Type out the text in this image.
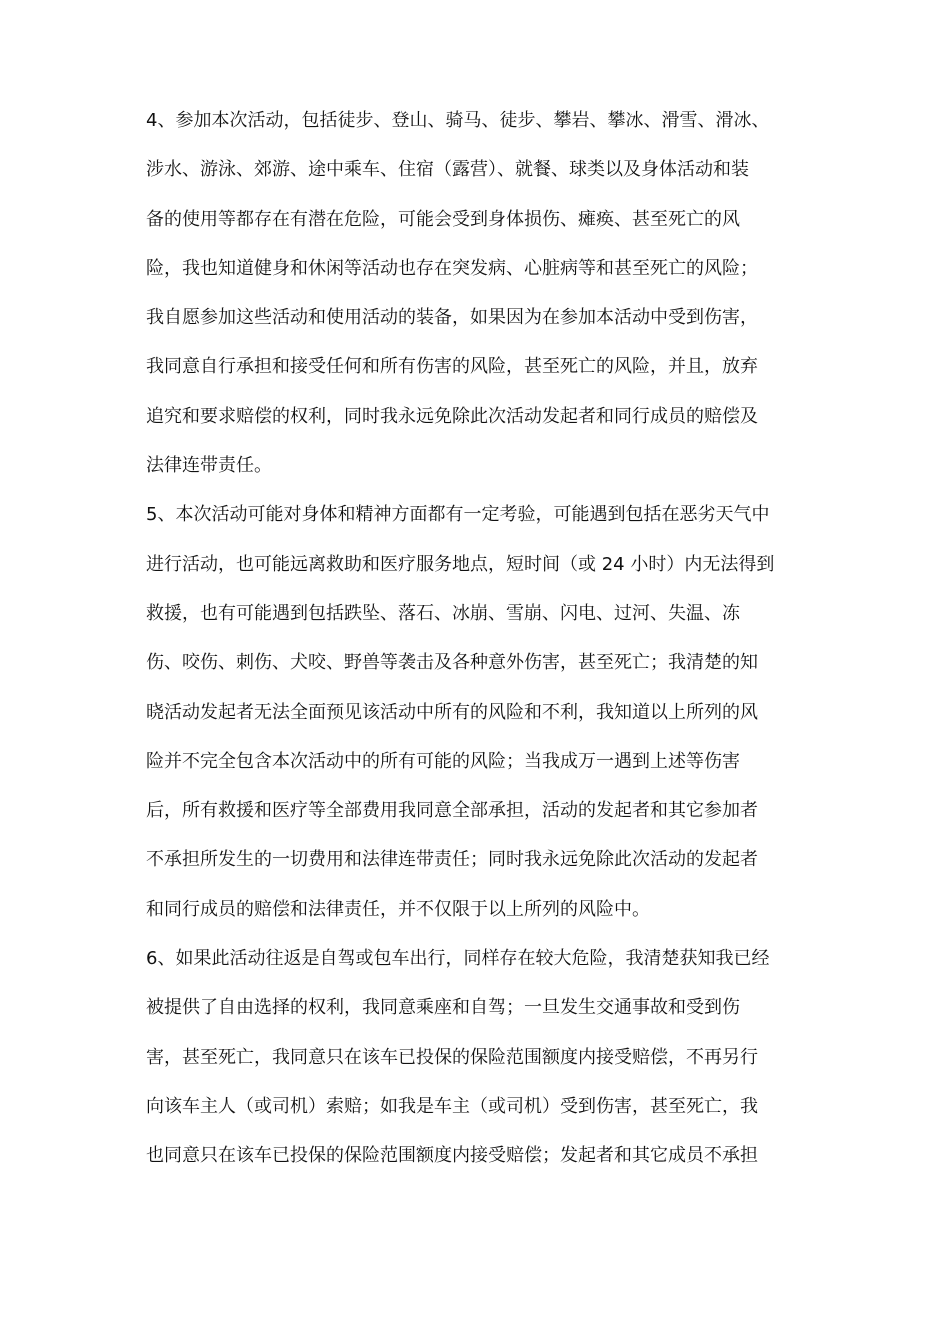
4、参加本次活动，包括徒步、登山、骑马、徒步、攀岩、攀冰、滑雪、滑冰、
涉水、游泳、郊游、途中乘车、住宿（露营）、就餐、球类以及身体活动和装
备的使用等都存在有潜在危险，可能会受到身体损伤、瘫痪、甚至死亡的风
险，我也知道健身和休闲等活动也存在突发病、心脏病等和甚至死亡的风险；
我自愿参加这些活动和使用活动的装备，如果因为在参加本活动中受到伤害，
我同意自行承担和接受任何和所有伤害的风险，甚至死亡的风险，并且，放弃
追究和要求赔偿的权利，同时我永远免除此次活动发起者和同行成员的赔偿及
法律连带责任。
5、本次活动可能对身体和精神方面都有一定考验，可能遇到包括在恶劣天气中
进行活动，也可能远离救助和医疗服务地点，短时间（或 24 小时）内无法得到
救援，也有可能遇到包括跌坠、落石、冰崩、雪崩、闪电、过河、失温、冻
伤、咬伤、刺伤、犬咬、野兽等袭击及各种意外伤害，甚至死亡；我清楚的知
晓活动发起者无法全面预见该活动中所有的风险和不利，我知道以上所列的风
险并不完全包含本次活动中的所有可能的风险；当我成万一遇到上述等伤害
后，所有救援和医疗等全部费用我同意全部承担，活动的发起者和其它参加者
不承担所发生的一切费用和法律连带责任；同时我永远免除此次活动的发起者
和同行成员的赔偿和法律责任，并不仅限于以上所列的风险中。
6、如果此活动往返是自驾或包车出行，同样存在较大危险，我清楚获知我已经
被提供了自由选择的权利，我同意乘座和自驾；一旦发生交通事故和受到伤
害，甚至死亡，我同意只在该车已投保的保险范围额度内接受赔偿，不再另行
向该车主人（或司机）索赔；如我是车主（或司机）受到伤害，甚至死亡，我
也同意只在该车已投保的保险范围额度内接受赔偿；发起者和其它成员不承担
